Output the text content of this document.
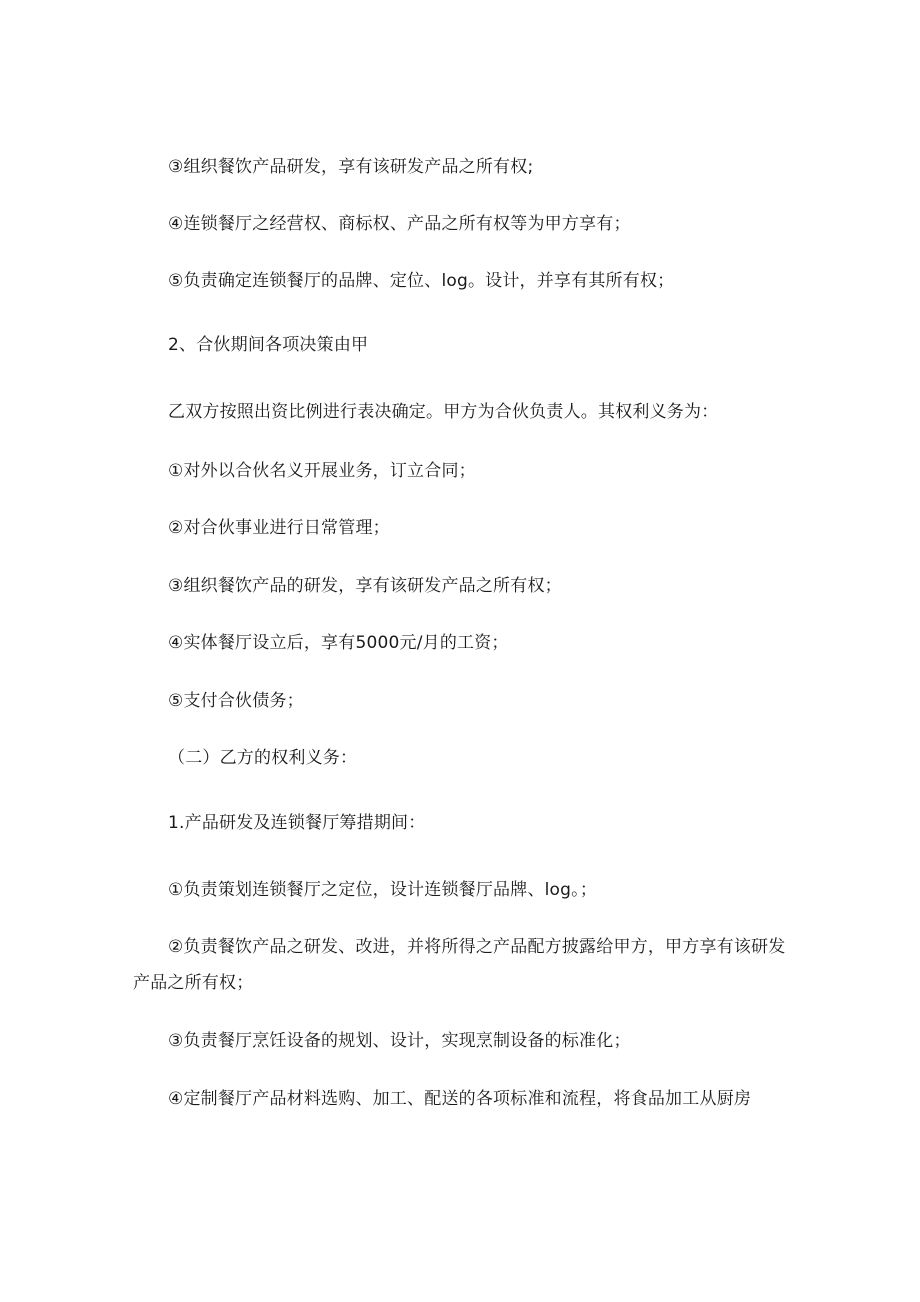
③组织餐饮产品研发，享有该研发产品之所有权;
④连锁餐厅之经营权、商标权、产品之所有权等为甲方享有；
⑤负责确定连锁餐厅的品牌、定位、log。设计，并享有其所有权；
2、合伙期间各项决策由甲
乙双方按照出资比例进行表决确定。甲方为合伙负责人。其权利义务为：
①对外以合伙名义开展业务，订立合同；
②对合伙事业进行日常管理；
③组织餐饮产品的研发，享有该研发产品之所有权；
④实体餐厅设立后，享有5000元/月的工资；
⑤支付合伙债务；
（二）乙方的权利义务：
1.产品研发及连锁餐厅筹措期间：
①负责策划连锁餐厅之定位，设计连锁餐厅品牌、log。；
②负责餐饮产品之研发、改进，并将所得之产品配方披露给甲方，甲方享有该研发产品之所有权；
③负责餐厅烹饪设备的规划、设计，实现烹制设备的标准化；
④定制餐厅产品材料选购、加工、配送的各项标准和流程，将食品加工从厨房
